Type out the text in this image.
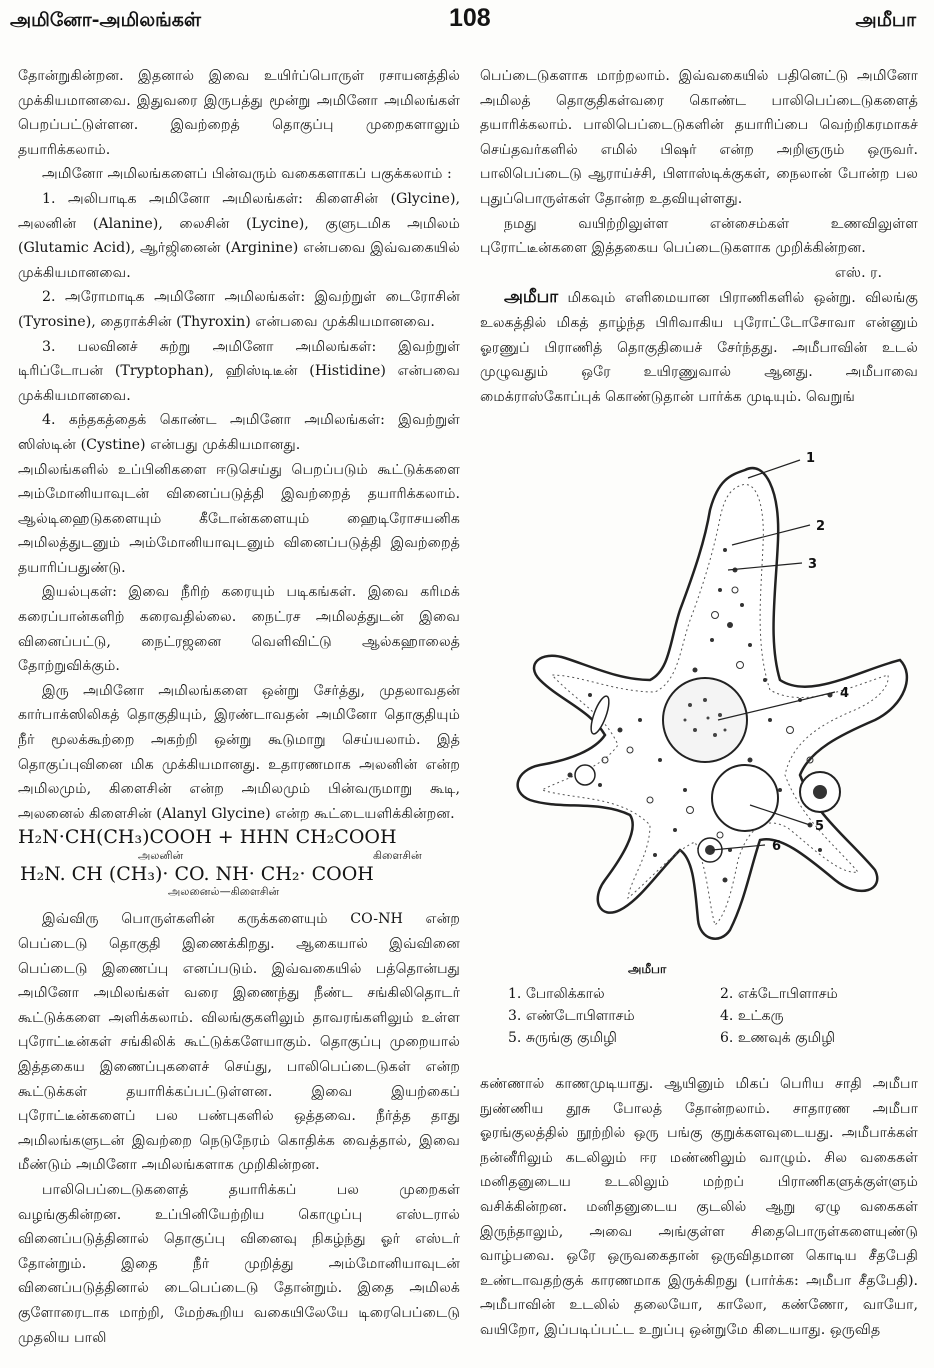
அமினோ-அமிலங்கள்	108	அமீபா

தோன்றுகின்றன. இதனால் இவை உயிர்ப்பொருள் ரசாயனத்தில் முக்கியமானவை. இதுவரை இருபத்து மூன்று அமினோ அமிலங்கள் பெறப்பட்டுள்ளன. இவற்றைத் தொகுப்பு முறைகளாலும் தயாரிக்கலாம்.

அமினோ அமிலங்களைப் பின்வரும் வகைகளாகப் பகுக்கலாம் :

1. அலிபாடிக அமினோ அமிலங்கள்: கிளைசின் (Glycine), அலனின் (Alanine), லைசின் (Lycine), குளுடமிக அமிலம் (Glutamic Acid), ஆர்ஜினைன் (Arginine) என்பவை இவ்வகையில் முக்கியமானவை.

2. அரோமாடிக அமினோ அமிலங்கள்: இவற்றுள் டைரோசின் (Tyrosine), தைராக்சின் (Thyroxin) என்பவை முக்கியமானவை.

3. பலவினச் சுற்று அமினோ அமிலங்கள்: இவற்றுள் டிரிப்டோபன் (Tryptophan), ஹிஸ்டிடீன் (Histidine) என்பவை முக்கியமானவை.

4. கந்தகத்தைக் கொண்ட அமினோ அமிலங்கள்: இவற்றுள் ஸிஸ்டின் (Cystine) என்பது முக்கியமானது.

அமிலங்களில் உப்பினிகளை ஈடுசெய்து பெறப்படும் கூட்டுக்களை அம்மோனியாவுடன் வினைப்படுத்தி இவற்றைத் தயாரிக்கலாம். ஆல்டிஹைடுகளையும் கீடோன்களையும் ஹைடிரோசயனிக அமிலத்துடனும் அம்மோனியாவுடனும் வினைப்படுத்தி இவற்றைத் தயாரிப்பதுண்டு.

இயல்புகள்: இவை நீரிற் கரையும் படிகங்கள். இவை கரிமக் கரைப்பான்களிற் கரைவதில்லை. நைட்ரச அமிலத்துடன் இவை வினைப்பட்டு, நைட்ரஜனை வெளிவிட்டு ஆல்கஹாலைத் தோற்றுவிக்கும்.

இரு அமினோ அமிலங்களை ஒன்று சேர்த்து, முதலாவதன் கார்பாக்ஸிலிகத் தொகுதியும், இரண்டாவதன் அமினோ தொகுதியும் நீர் மூலக்கூற்றை அகற்றி ஒன்று கூடுமாறு செய்யலாம். இத் தொகுப்புவினை மிக முக்கியமானது. உதாரணமாக அலனின் என்ற அமிலமும், கிளைசின் என்ற அமிலமும் பின்வருமாறு கூடி, அலனைல் கிளைசின் (Alanyl Glycine) என்ற கூட்டையளிக்கின்றன.

H₂N·CH(CH₃)COOH + HHN CH₂COOH

அலனின்	கிளைசின்

H₂N. CH (CH₃)· CO. NH· CH₂· COOH

அலனைல்—கிளைசின்

இவ்விரு பொருள்களின் கருக்களையும் CO-NH என்ற பெப்டைடு தொகுதி இணைக்கிறது. ஆகையால் இவ்வினை பெப்டைடு இணைப்பு எனப்படும். இவ்வகையில் பத்தொன்பது அமினோ அமிலங்கள் வரை இணைந்து நீண்ட சங்கிலிதொடர் கூட்டுக்களை அளிக்கலாம். விலங்குகளிலும் தாவரங்களிலும் உள்ள புரோட்டீன்கள் சங்கிலிக் கூட்டுக்களேயாகும். தொகுப்பு முறையால் இத்தகைய இணைப்புகளைச் செய்து, பாலிபெப்டைடுகள் என்ற கூட்டுக்கள் தயாரிக்கப்பட்டுள்ளன. இவை இயற்கைப் புரோட்டீன்களைப் பல பண்புகளில் ஒத்தவை. நீர்த்த தாது அமிலங்களுடன் இவற்றை நெடுநேரம் கொதிக்க வைத்தால், இவை மீண்டும் அமினோ அமிலங்களாக முறிகின்றன.

பாலிபெப்டைடுகளைத் தயாரிக்கப் பல முறைகள் வழங்குகின்றன. உப்பினியேற்றிய கொழுப்பு எஸ்டரால் வினைப்படுத்தினால் தொகுப்பு வினைவு நிகழ்ந்து ஓர் எஸ்டர் தோன்றும். இதை நீர் முறித்து அம்மோனியாவுடன் வினைப்படுத்தினால் டைபெப்டைடு தோன்றும். இதை அமிலக் குளோரைடாக மாற்றி, மேற்கூறிய வகையிலேயே டிரைபெப்டைடு முதலிய பாலி

பெப்டைடுகளாக மாற்றலாம். இவ்வகையில் பதினெட்டு அமினோ அமிலத் தொகுதிகள்வரை கொண்ட பாலிபெப்டைடுகளைத் தயாரிக்கலாம். பாலிபெப்டைடுகளின் தயாரிப்பை வெற்றிகரமாகச் செய்தவர்களில் எமில் பிஷர் என்ற அறிஞரும் ஒருவர். பாலிபெப்டைடு ஆராய்ச்சி, பிளாஸ்டிக்குகள், நைலான் போன்ற பல புதுப்பொருள்கள் தோன்ற உதவியுள்ளது.

நமது வயிற்றிலுள்ள என்சைம்கள் உணவிலுள்ள புரோட்டீன்களை இத்தகைய பெப்டைடுகளாக முறிக்கின்றன.

எஸ். ர.

அமீபா மிகவும் எளிமையான பிராணிகளில் ஒன்று. விலங்கு உலகத்தில் மிகத் தாழ்ந்த பிரிவாகிய புரோட்டோசோவா என்னும் ஓரணுப் பிராணித் தொகுதியைச் சேர்ந்தது. அமீபாவின் உடல் முழுவதும் ஒரே உயிரணுவால் ஆனது. அமீபாவை மைக்ராஸ்கோப்புக் கொண்டுதான் பார்க்க முடியும். வெறுங்

1
2
3
4
5
6
அமீபா
1. போலிக்கால்	2. எக்டோபிளாசம்
3. எண்டோபிளாசம்	4. உட்கரு
5. சுருங்கு குமிழி	6. உணவுக் குமிழி

கண்ணால் காணமுடியாது. ஆயினும் மிகப் பெரிய சாதி அமீபா நுண்ணிய தூசு போலத் தோன்றலாம். சாதாரண அமீபா ஓரங்குலத்தில் நூற்றில் ஒரு பங்கு குறுக்களவுடையது. அமீபாக்கள் நன்னீரிலும் கடலிலும் ஈர மண்ணிலும் வாழும். சில வகைகள் மனிதனுடைய உடலிலும் மற்றப் பிராணிகளுக்குள்ளும் வசிக்கின்றன. மனிதனுடைய குடலில் ஆறு ஏழு வகைகள் இருந்தாலும், அவை அங்குள்ள சிதைபொருள்களையுண்டு வாழ்பவை. ஒரே ஒருவகைதான் ஒருவிதமான கொடிய சீதபேதி உண்டாவதற்குக் காரணமாக இருக்கிறது (பார்க்க: அமீபா சீதபேதி). அமீபாவின் உடலில் தலையோ, காலோ, கண்ணோ, வாயோ, வயிறோ, இப்படிப்பட்ட உறுப்பு ஒன்றுமே கிடையாது. ஒருவித
